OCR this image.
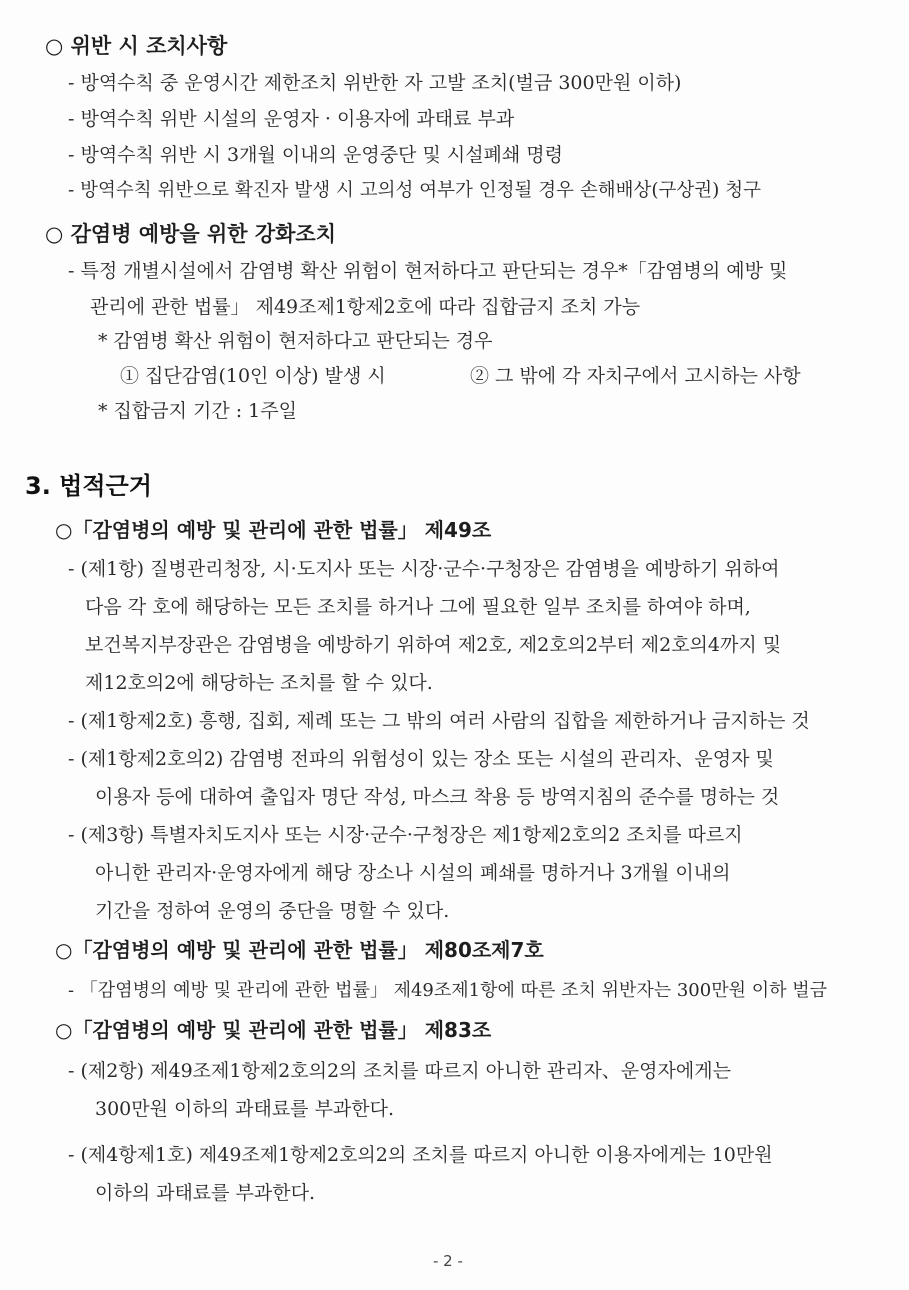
○ 위반 시 조치사항
- 방역수칙 중 운영시간 제한조치 위반한 자 고발 조치(벌금 300만원 이하)
- 방역수칙 위반 시설의 운영자 · 이용자에 과태료 부과
- 방역수칙 위반 시 3개월 이내의 운영중단 및 시설폐쇄 명령
- 방역수칙 위반으로 확진자 발생 시 고의성 여부가 인정될 경우 손해배상(구상권) 청구
○ 감염병 예방을 위한 강화조치
- 특정 개별시설에서 감염병 확산 위험이 현저하다고 판단되는 경우*「감염병의 예방 및
관리에 관한 법률」 제49조제1항제2호에 따라 집합금지 조치 가능
* 감염병 확산 위험이 현저하다고 판단되는 경우
① 집단감염(10인 이상) 발생 시	② 그 밖에 각 자치구에서 고시하는 사항
* 집합금지 기간 : 1주일
3. 법적근거
○「감염병의 예방 및 관리에 관한 법률」 제49조
- (제1항) 질병관리청장, 시·도지사 또는 시장·군수·구청장은 감염병을 예방하기 위하여
다음 각 호에 해당하는 모든 조치를 하거나 그에 필요한 일부 조치를 하여야 하며,
보건복지부장관은 감염병을 예방하기 위하여 제2호, 제2호의2부터 제2호의4까지 및
제12호의2에 해당하는 조치를 할 수 있다.
- (제1항제2호) 흥행, 집회, 제례 또는 그 밖의 여러 사람의 집합을 제한하거나 금지하는 것
- (제1항제2호의2) 감염병 전파의 위험성이 있는 장소 또는 시설의 관리자、운영자 및
이용자 등에 대하여 출입자 명단 작성, 마스크 착용 등 방역지침의 준수를 명하는 것
- (제3항) 특별자치도지사 또는 시장·군수·구청장은 제1항제2호의2 조치를 따르지
아니한 관리자·운영자에게 해당 장소나 시설의 폐쇄를 명하거나 3개월 이내의
기간을 정하여 운영의 중단을 명할 수 있다.
○「감염병의 예방 및 관리에 관한 법률」 제80조제7호
- 「감염병의 예방 및 관리에 관한 법률」 제49조제1항에 따른 조치 위반자는 300만원 이하 벌금
○「감염병의 예방 및 관리에 관한 법률」 제83조
- (제2항) 제49조제1항제2호의2의 조치를 따르지 아니한 관리자、운영자에게는
300만원 이하의 과태료를 부과한다.
- (제4항제1호) 제49조제1항제2호의2의 조치를 따르지 아니한 이용자에게는 10만원
이하의 과태료를 부과한다.
- 2 -
